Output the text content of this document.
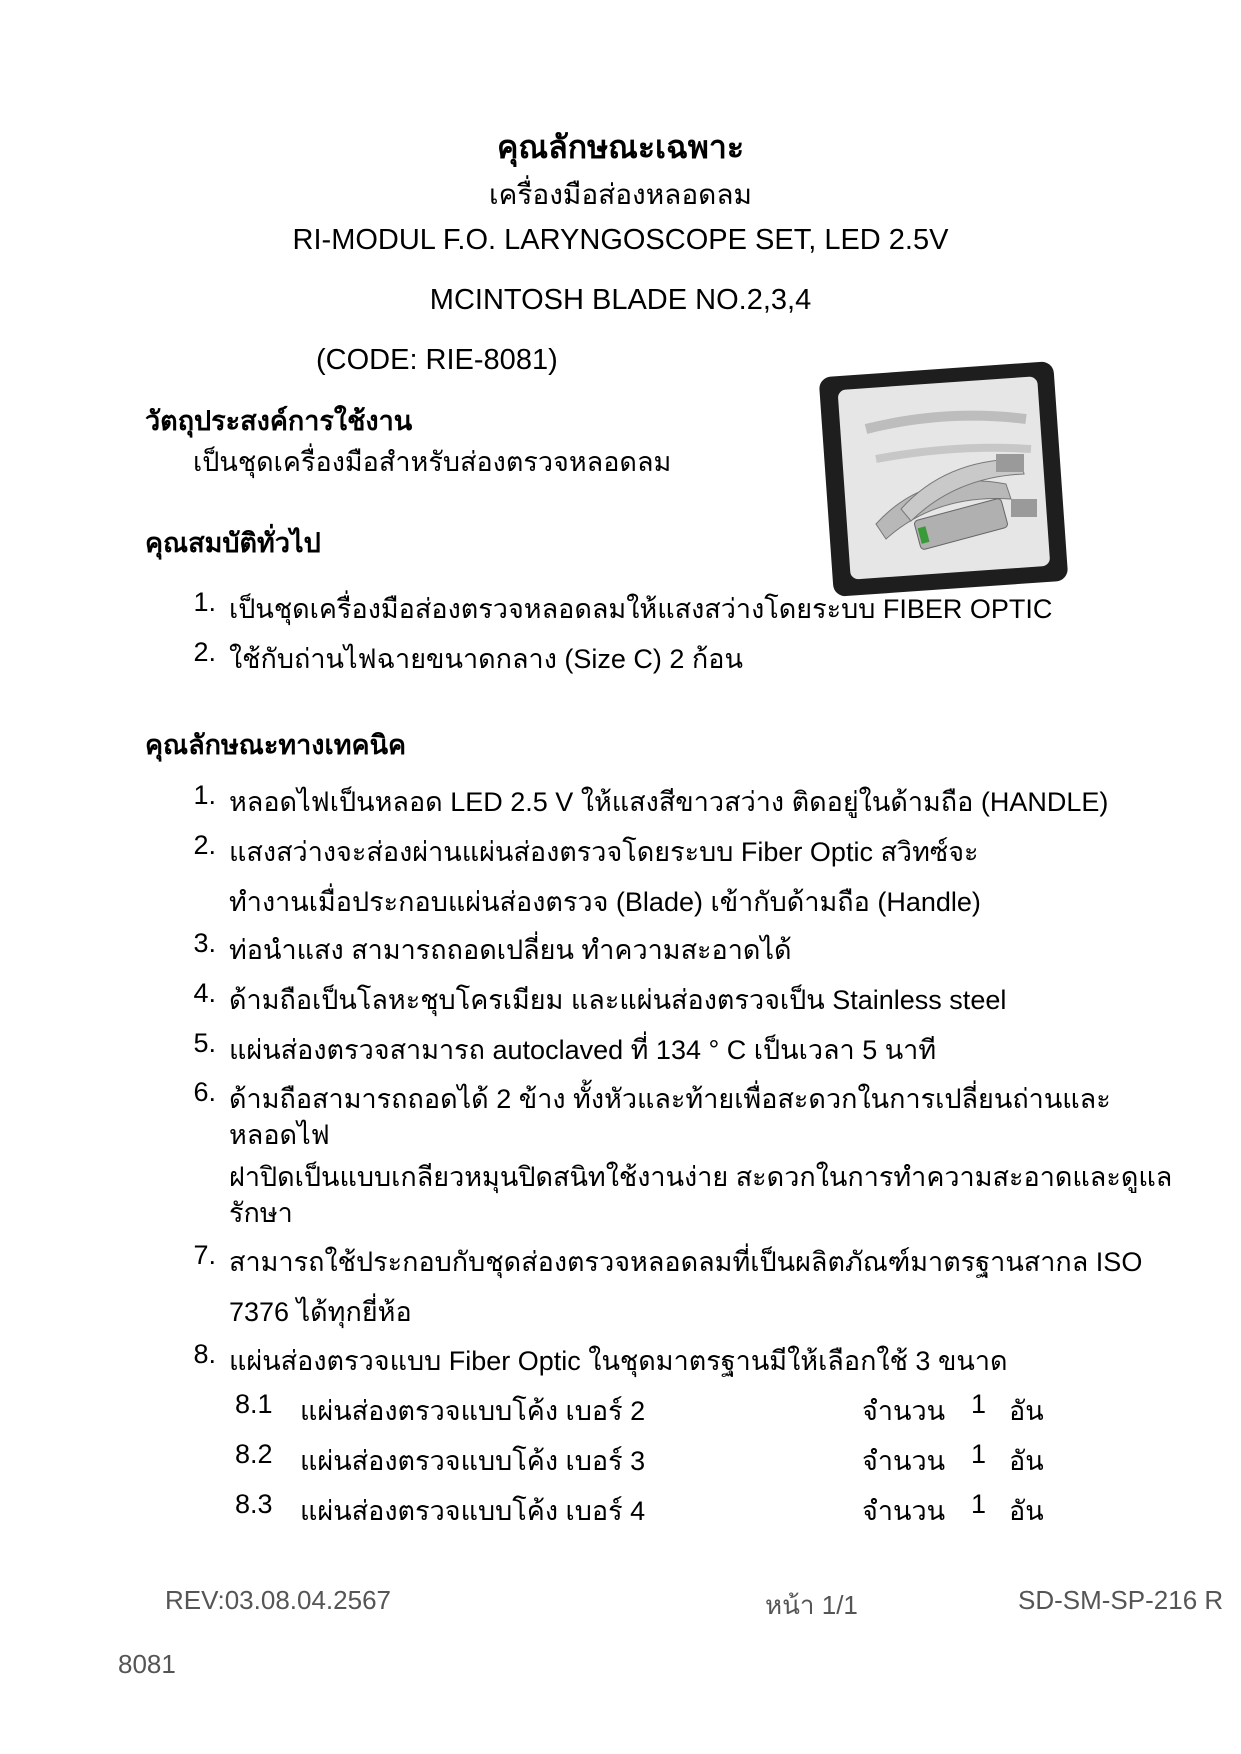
คุณลักษณะเฉพาะ
เครื่องมือส่องหลอดลม
RI-MODUL F.O. LARYNGOSCOPE SET, LED 2.5V
MCINTOSH BLADE NO.2,3,4
(CODE: RIE-8081)
วัตถุประสงค์การใช้งาน
เป็นชุดเครื่องมือสำหรับส่องตรวจหลอดลม
คุณสมบัติทั่วไป
1. เป็นชุดเครื่องมือส่องตรวจหลอดลมให้แสงสว่างโดยระบบ FIBER OPTIC
2. ใช้กับถ่านไฟฉายขนาดกลาง (Size C) 2 ก้อน
คุณลักษณะทางเทคนิค
1. หลอดไฟเป็นหลอด LED 2.5 V ให้แสงสีขาวสว่าง ติดอยู่ในด้ามถือ (HANDLE)
2. แสงสว่างจะส่องผ่านแผ่นส่องตรวจโดยระบบ Fiber Optic สวิทซ์จะ
ทำงานเมื่อประกอบแผ่นส่องตรวจ (Blade) เข้ากับด้ามถือ (Handle)
3. ท่อนำแสง สามารถถอดเปลี่ยน ทำความสะอาดได้
4. ด้ามถือเป็นโลหะชุบโครเมียม และแผ่นส่องตรวจเป็น Stainless steel
5. แผ่นส่องตรวจสามารถ autoclaved ที่ 134 ° C เป็นเวลา 5 นาที
6. ด้ามถือสามารถถอดได้ 2 ข้าง ทั้งหัวและท้ายเพื่อสะดวกในการเปลี่ยนถ่านและ
หลอดไฟ
ฝาปิดเป็นแบบเกลียวหมุนปิดสนิทใช้งานง่าย สะดวกในการทำความสะอาดและดูแล
รักษา
7. สามารถใช้ประกอบกับชุดส่องตรวจหลอดลมที่เป็นผลิตภัณฑ์มาตรฐานสากล ISO
7376 ได้ทุกยี่ห้อ
8. แผ่นส่องตรวจแบบ Fiber Optic ในชุดมาตรฐานมีให้เลือกใช้ 3 ขนาด
8.1 แผ่นส่องตรวจแบบโค้ง เบอร์ 2	จำนวน 1 อัน
8.2 แผ่นส่องตรวจแบบโค้ง เบอร์ 3	จำนวน 1 อัน
8.3 แผ่นส่องตรวจแบบโค้ง เบอร์ 4	จำนวน 1 อัน
REV:03.08.04.2567	หน้า 1/1	SD-SM-SP-216 R
8081
